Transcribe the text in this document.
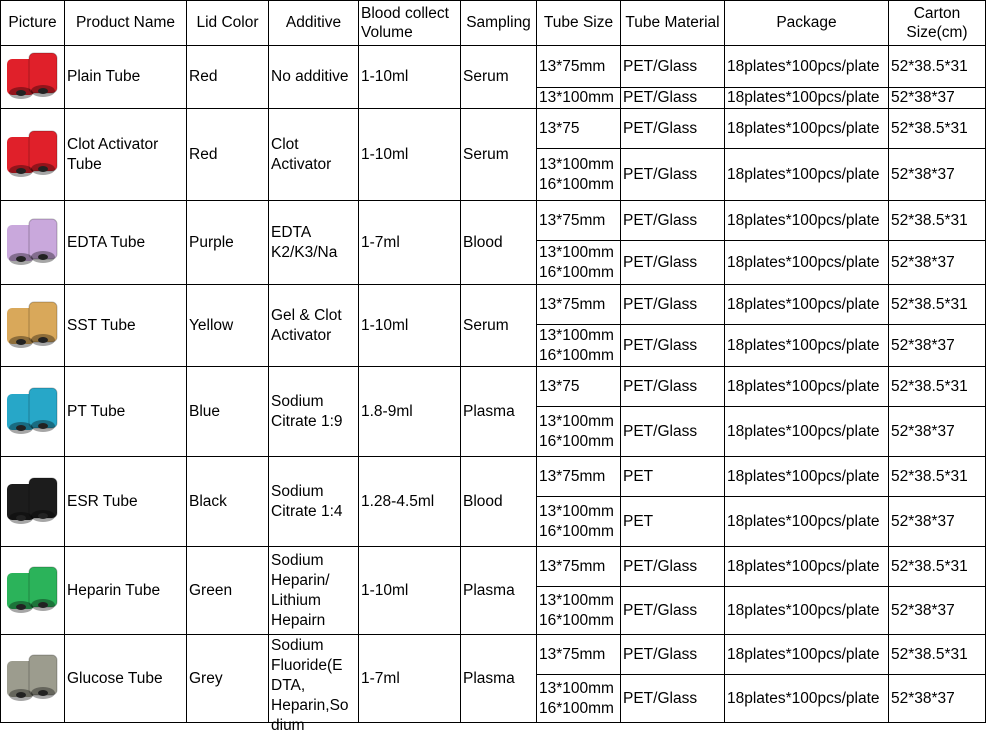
Picture	Product Name	Lid Color	Additive	Blood collect Volume	Sampling	Tube Size	Tube Material	Package	Carton Size(cm)

	Plain Tube	Red	No additive	1-10ml	Serum	13*75mm	PET/Glass	18plates*100pcs/plate	52*38.5*31
						13*100mm	PET/Glass	18plates*100pcs/plate	52*38*37

	Clot Activator Tube	Red	Clot Activator	1-10ml	Serum	13*75	PET/Glass	18plates*100pcs/plate	52*38.5*31
						13*100mm 16*100mm	PET/Glass	18plates*100pcs/plate	52*38*37

	EDTA Tube	Purple	EDTA K2/K3/Na	1-7ml	Blood	13*75mm	PET/Glass	18plates*100pcs/plate	52*38.5*31
						13*100mm 16*100mm	PET/Glass	18plates*100pcs/plate	52*38*37

	SST Tube	Yellow	Gel & Clot Activator	1-10ml	Serum	13*75mm	PET/Glass	18plates*100pcs/plate	52*38.5*31
						13*100mm 16*100mm	PET/Glass	18plates*100pcs/plate	52*38*37

	PT Tube	Blue	Sodium Citrate 1:9	1.8-9ml	Plasma	13*75	PET/Glass	18plates*100pcs/plate	52*38.5*31
						13*100mm 16*100mm	PET/Glass	18plates*100pcs/plate	52*38*37

	ESR Tube	Black	Sodium Citrate 1:4	1.28-4.5ml	Blood	13*75mm	PET	18plates*100pcs/plate	52*38.5*31
						13*100mm 16*100mm	PET	18plates*100pcs/plate	52*38*37

	Heparin Tube	Green	Sodium Heparin/ Lithium Hepairn	1-10ml	Plasma	13*75mm	PET/Glass	18plates*100pcs/plate	52*38.5*31
						13*100mm 16*100mm	PET/Glass	18plates*100pcs/plate	52*38*37

	Glucose Tube	Grey	Sodium Fluoride(E DTA, Heparin,So dium	1-7ml	Plasma	13*75mm	PET/Glass	18plates*100pcs/plate	52*38.5*31
						13*100mm 16*100mm	PET/Glass	18plates*100pcs/plate	52*38*37
